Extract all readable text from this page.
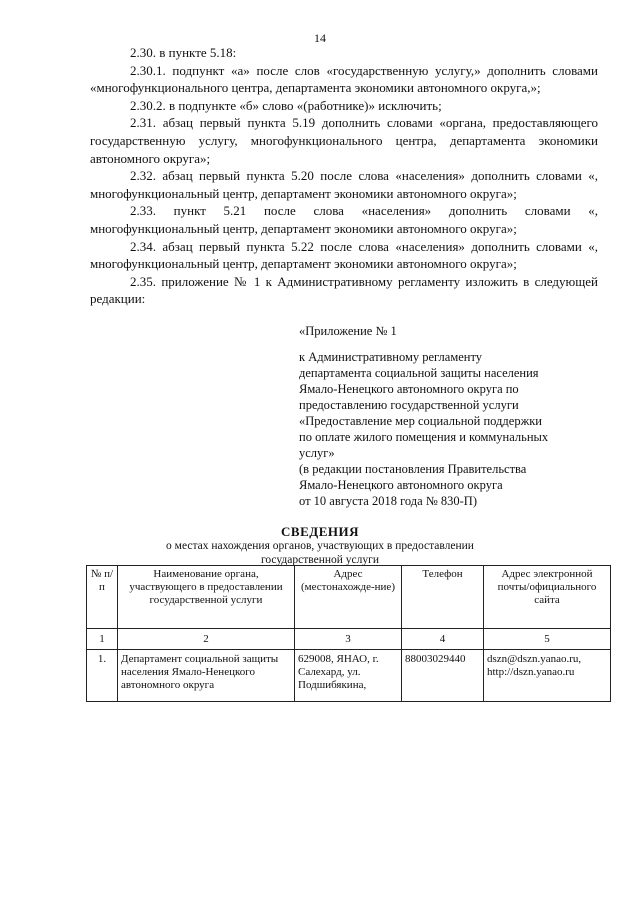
14

2.30. в пункте 5.18:

2.30.1. подпункт «а» после слов «государственную услугу,» дополнить словами «многофункционального центра, департамента экономики автономного округа,»;

2.30.2. в подпункте «б» слово «(работнике)» исключить;

2.31. абзац первый пункта 5.19 дополнить словами «органа, предоставляющего государственную услугу, многофункционального центра, департамента экономики автономного округа»;

2.32. абзац первый пункта 5.20 после слова «населения» дополнить словами «, многофункциональный центр, департамент экономики автономного округа»;

2.33. пункт 5.21 после слова «населения» дополнить словами «, многофункциональный центр, департамент экономики автономного округа»;

2.34. абзац первый пункта 5.22 после слова «населения» дополнить словами «, многофункциональный центр, департамент экономики автономного округа»;

2.35. приложение № 1 к Административному регламенту изложить в следующей редакции:

«Приложение № 1
к Административному регламенту
департамента социальной защиты населения
Ямало-Ненецкого автономного округа по
предоставлению государственной услуги
«Предоставление мер социальной поддержки
по оплате жилого помещения и коммунальных
услуг»
(в редакции постановления Правительства
Ямало-Ненецкого автономного округа
от 10 августа 2018 года № 830-П)
СВЕДЕНИЯ
о местах нахождения органов, участвующих в предоставлении государственной услуги
№ п/п	Наименование органа, участвующего в предоставлении государственной услуги	Адрес (местонахожде-ние)	Телефон	Адрес электронной почты/официального сайта
1	2	3	4	5
1.	Департамент социальной защиты населения Ямало-Ненецкого автономного округа	629008, ЯНАО, г. Салехард, ул. Подшибякина,	88003029440	dszn@dszn.yanao.ru,
http://dszn.yanao.ru
